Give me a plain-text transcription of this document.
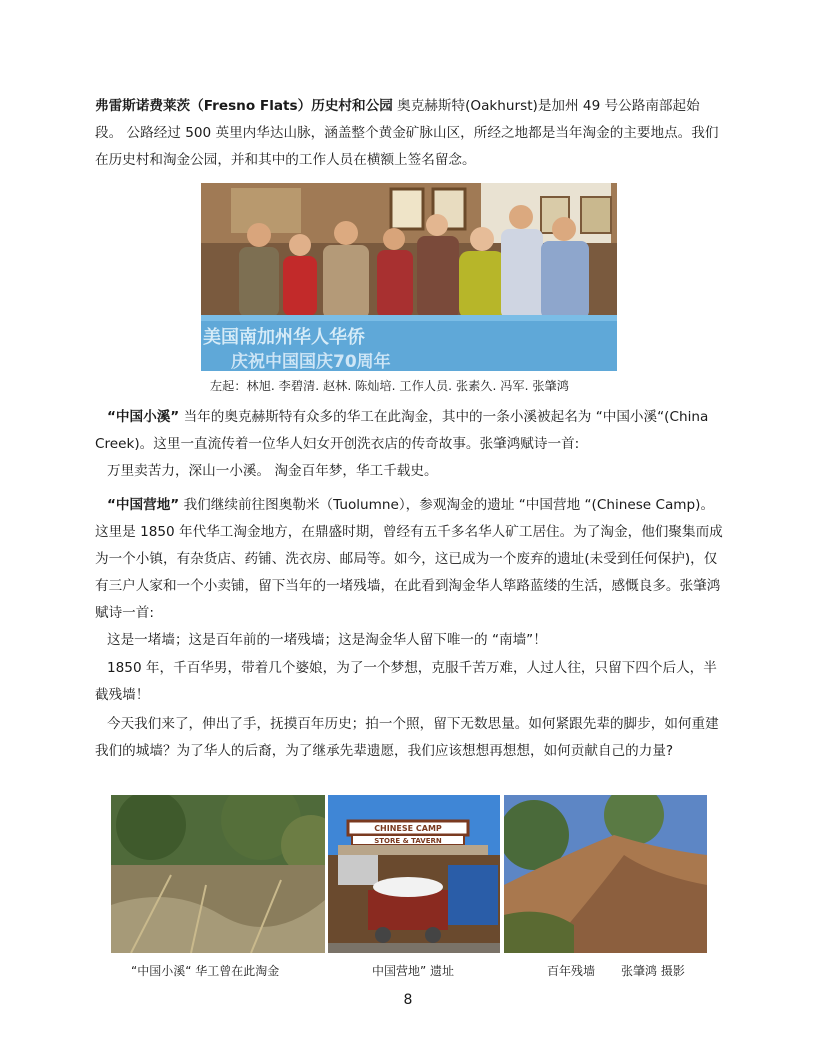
弗雷斯诺费莱茨（Fresno Flats）历史村和公园 奥克赫斯特(Oakhurst)是加州 49 号公路南部起始段。 公路经过 500 英里内华达山脉，涵盖整个黄金矿脉山区，所经之地都是当年淘金的主要地点。我们在历史村和淘金公园，并和其中的工作人员在横额上签名留念。
美国南加州华人华侨
庆祝中国国庆70周年
左起：林旭. 李碧清. 赵林. 陈灿培. 工作人员. 张素久. 冯军. 张肇鸿
“中国小溪” 当年的奥克赫斯特有众多的华工在此淘金，其中的一条小溪被起名为 “中国小溪“(China Creek)。这里一直流传着一位华人妇女开创洗衣店的传奇故事。张肇鸿赋诗一首:
万里卖苦力，深山一小溪。 淘金百年梦，华工千载史。
“中国营地” 我们继续前往图奥勒米（Tuolumne），参观淘金的遗址 “中国营地 “(Chinese Camp)。这里是 1850 年代华工淘金地方，在鼎盛时期，曾经有五千多名华人矿工居住。为了淘金，他们聚集而成为一个小镇，有杂货店、药铺、洗衣房、邮局等。如今，这已成为一个废弃的遗址(未受到任何保护)，仅有三户人家和一个小卖铺，留下当年的一堵残墙，在此看到淘金华人筚路蓝缕的生活，感慨良多。张肇鸿赋诗一首:
这是一堵墙；这是百年前的一堵残墙；这是淘金华人留下唯一的 “南墙”！
1850 年，千百华男，带着几个婆娘，为了一个梦想，克服千苦万难，人过人往，只留下四个后人，半截残墙！
今天我们来了，伸出了手，抚摸百年历史；拍一个照，留下无数思量。如何紧跟先辈的脚步，如何重建我们的城墙？为了华人的后裔，为了继承先辈遗愿，我们应该想想再想想，如何贡献自己的力量?
CHINESE CAMP
STORE & TAVERN
“中国小溪“ 华工曾在此淘金	中国营地” 遗址	百年残墙 张肇鸿 摄影
8
